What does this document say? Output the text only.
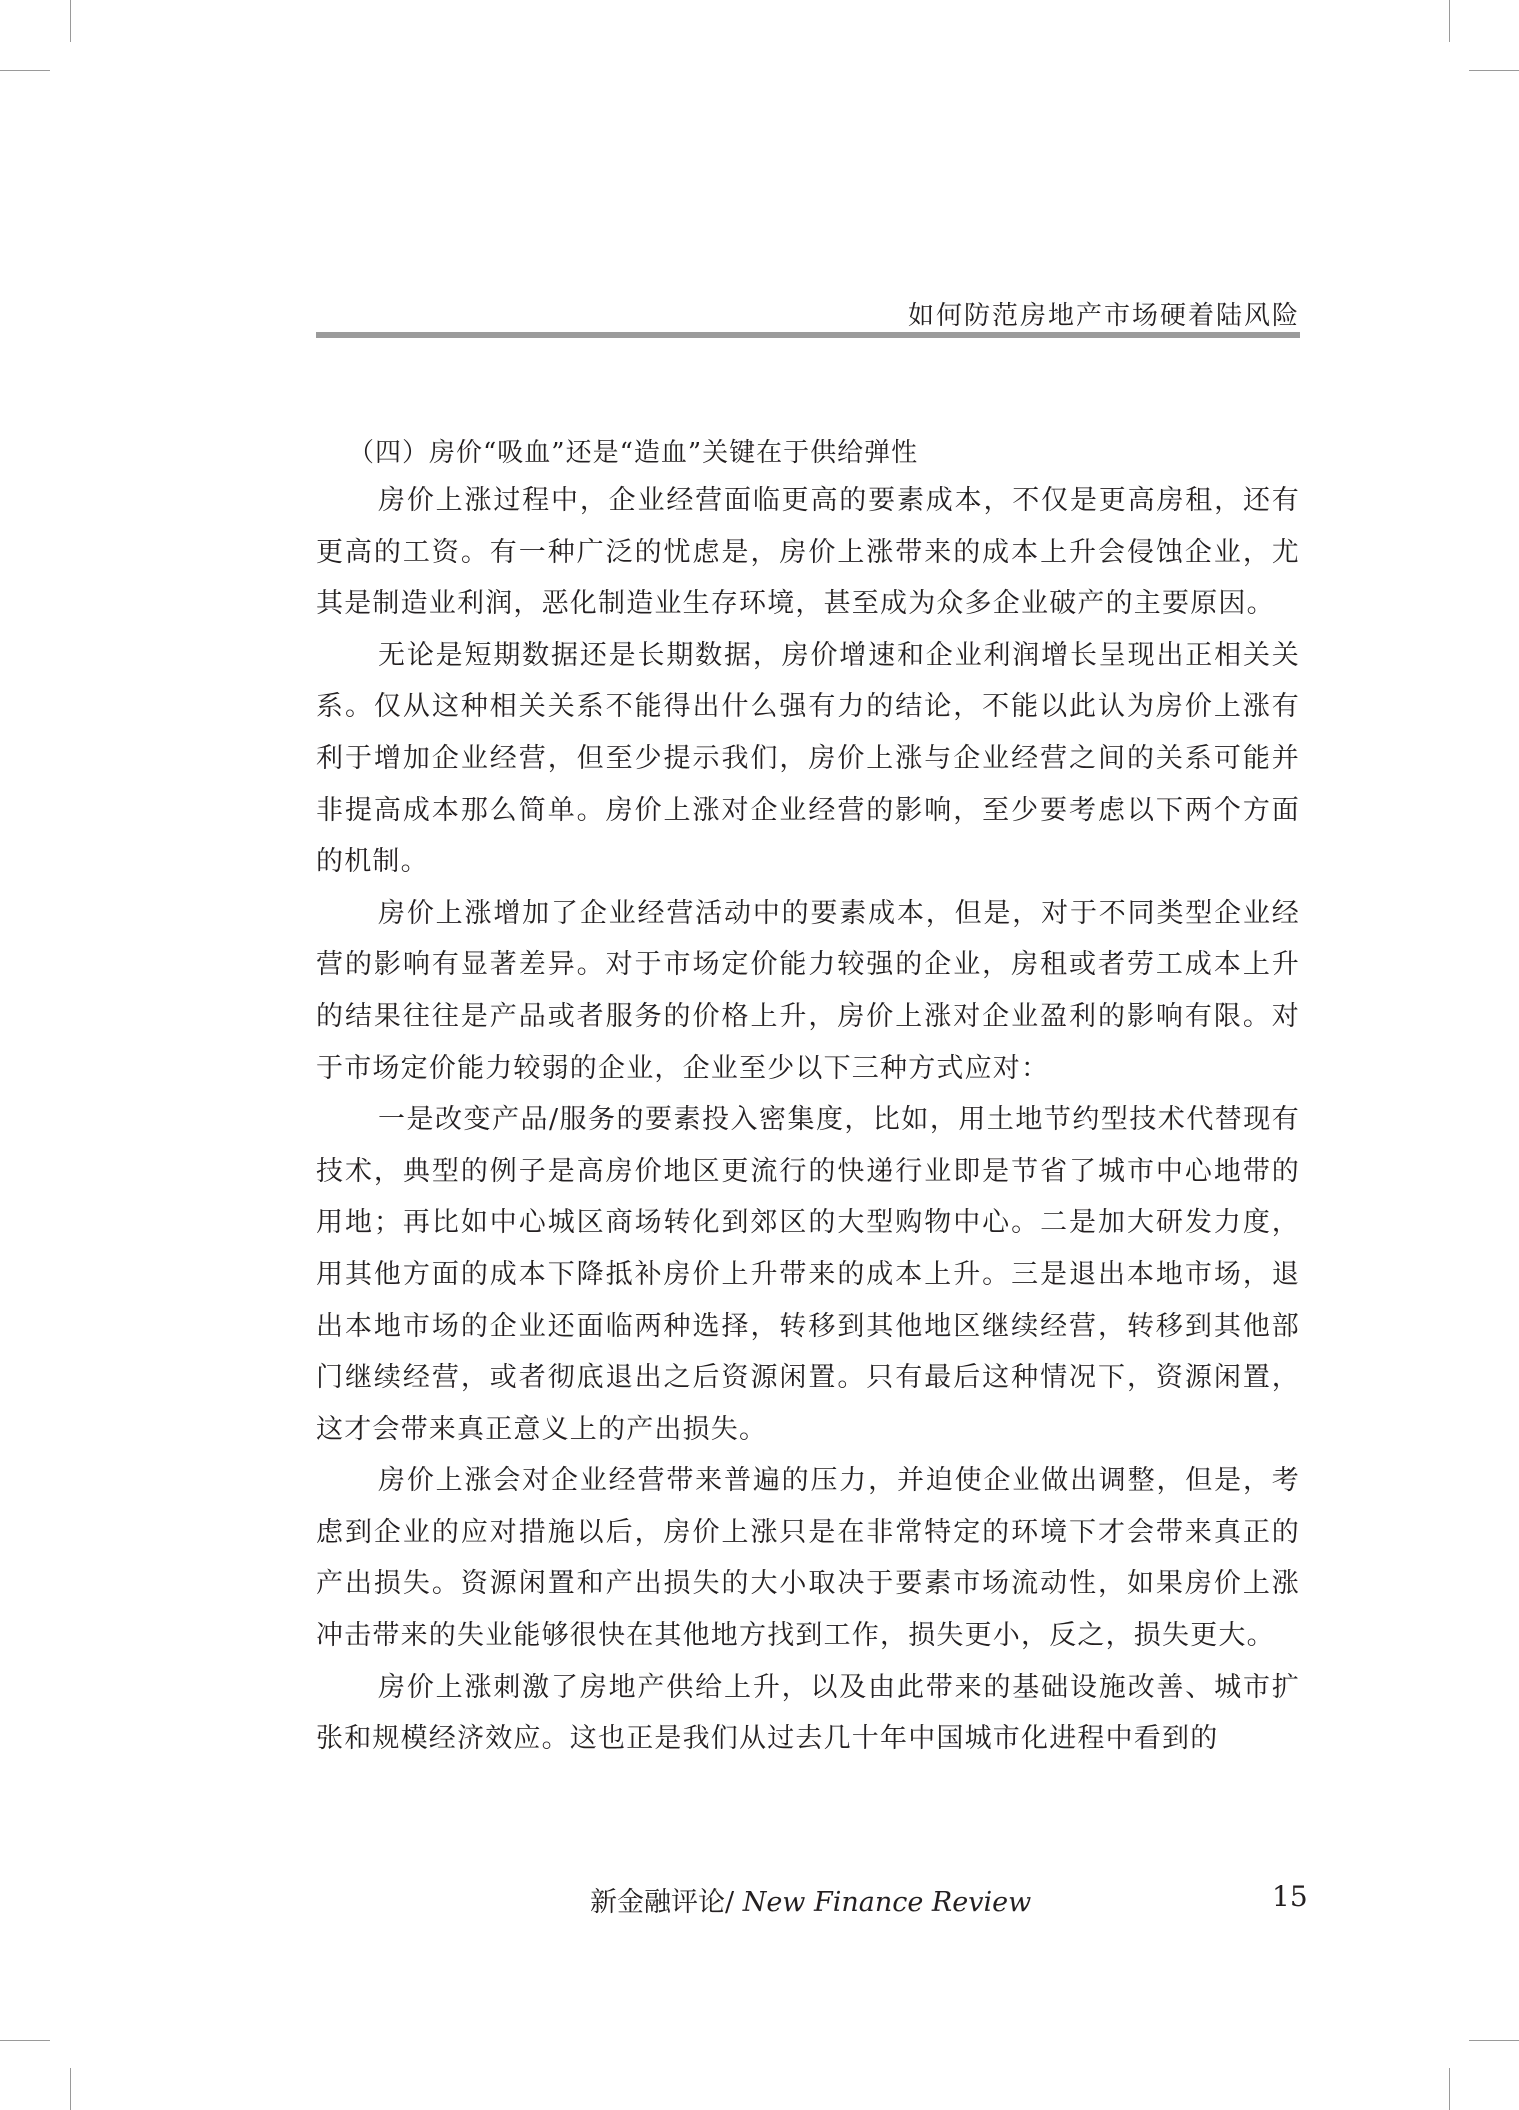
如何防范房地产市场硬着陆风险
（四）房价“吸血”还是“造血”关键在于供给弹性

房价上涨过程中，企业经营面临更高的要素成本，不仅是更高房租，还有更高的工资。有一种广泛的忧虑是，房价上涨带来的成本上升会侵蚀企业，尤其是制造业利润，恶化制造业生存环境，甚至成为众多企业破产的主要原因。

无论是短期数据还是长期数据，房价增速和企业利润增长呈现出正相关关系。仅从这种相关关系不能得出什么强有力的结论，不能以此认为房价上涨有利于增加企业经营，但至少提示我们，房价上涨与企业经营之间的关系可能并非提高成本那么简单。房价上涨对企业经营的影响，至少要考虑以下两个方面的机制。

房价上涨增加了企业经营活动中的要素成本，但是，对于不同类型企业经营的影响有显著差异。对于市场定价能力较强的企业，房租或者劳工成本上升的结果往往是产品或者服务的价格上升，房价上涨对企业盈利的影响有限。对于市场定价能力较弱的企业，企业至少以下三种方式应对：

一是改变产品/服务的要素投入密集度，比如，用土地节约型技术代替现有技术，典型的例子是高房价地区更流行的快递行业即是节省了城市中心地带的用地；再比如中心城区商场转化到郊区的大型购物中心。二是加大研发力度，用其他方面的成本下降抵补房价上升带来的成本上升。三是退出本地市场，退出本地市场的企业还面临两种选择，转移到其他地区继续经营，转移到其他部门继续经营，或者彻底退出之后资源闲置。只有最后这种情况下，资源闲置，这才会带来真正意义上的产出损失。

房价上涨会对企业经营带来普遍的压力，并迫使企业做出调整，但是，考虑到企业的应对措施以后，房价上涨只是在非常特定的环境下才会带来真正的产出损失。资源闲置和产出损失的大小取决于要素市场流动性，如果房价上涨冲击带来的失业能够很快在其他地方找到工作，损失更小，反之，损失更大。

房价上涨刺激了房地产供给上升，以及由此带来的基础设施改善、城市扩张和规模经济效应。这也正是我们从过去几十年中国城市化进程中看到的

新金融评论/ New Finance Review	15
